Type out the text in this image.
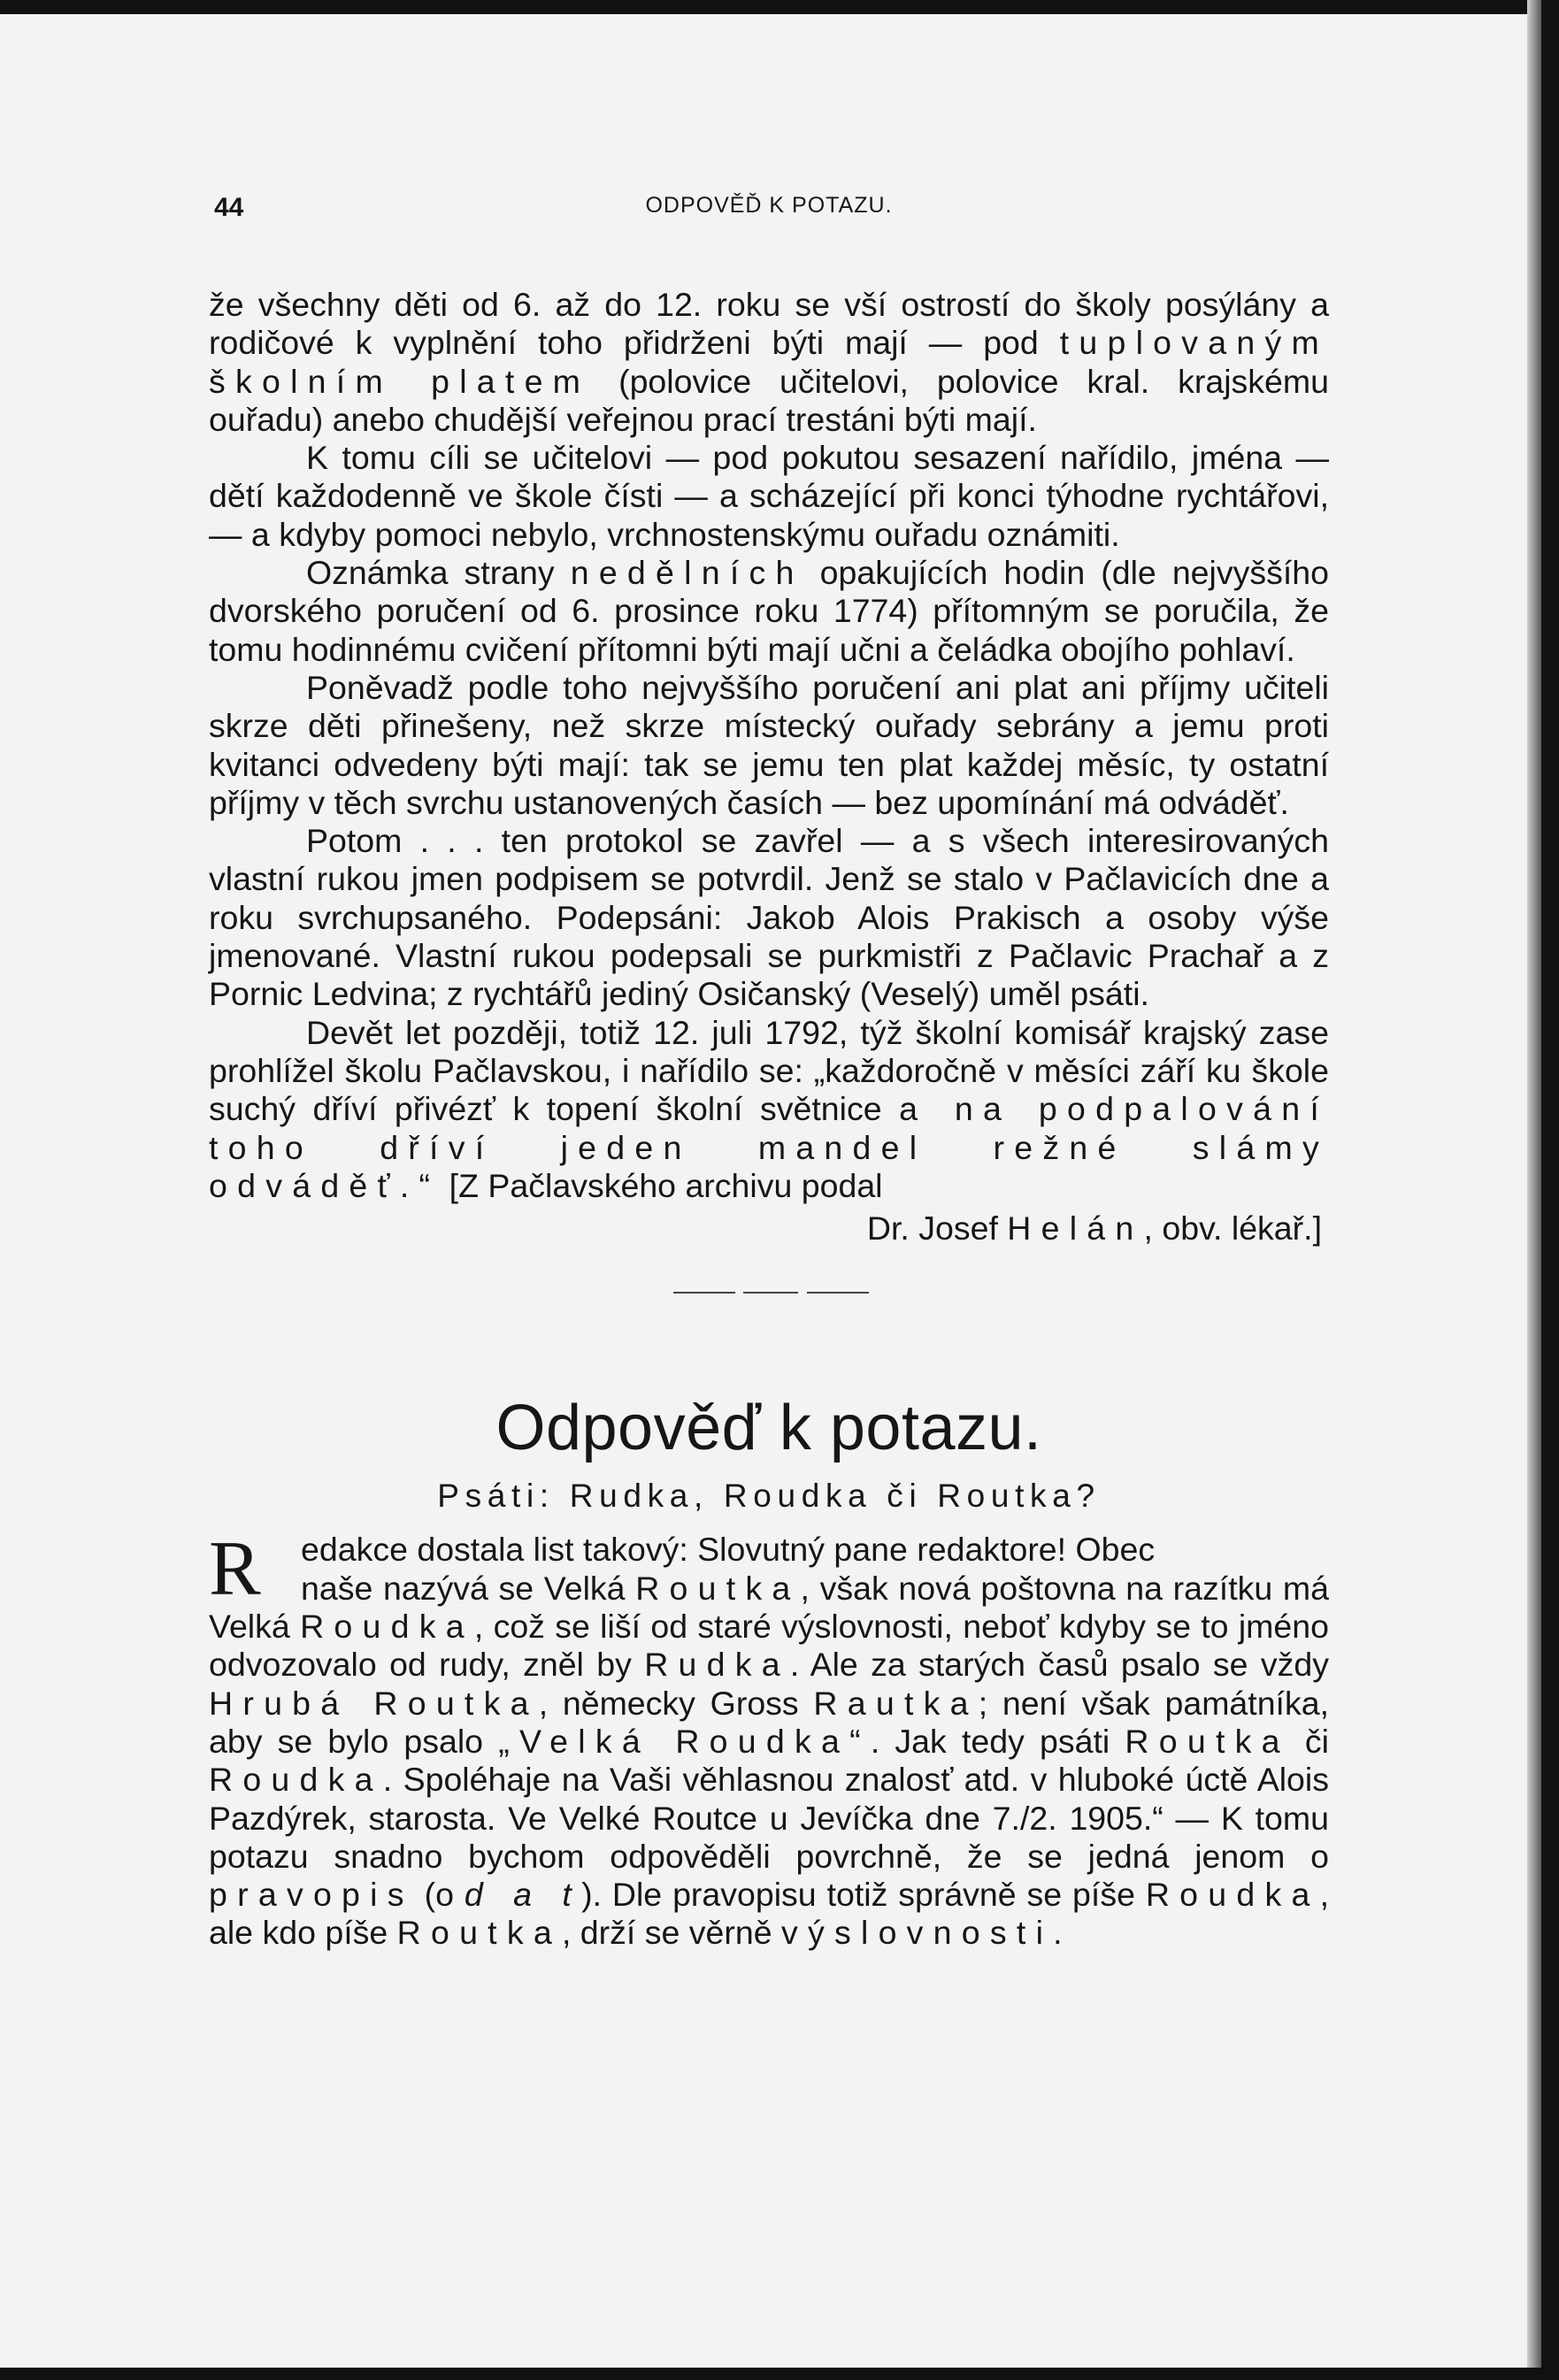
44	ODPOVĚĎ K POTAZU.

že všechny děti od 6. až do 12. roku se vší ostrostí do školy posýlány a rodičové k vyplnění toho přidrženi býti mají — pod tuplovaným školním platem (polovice učitelovi, polovice kral. krajskému ouřadu) anebo chudější veřejnou prací trestáni býti mají.

K tomu cíli se učitelovi — pod pokutou sesazení nařídilo, jména — dětí každodenně ve škole čísti — a scházející při konci týhodne rychtářovi, — a kdyby pomoci nebylo, vrchnostenskýmu ouřadu oznámiti.

Oznámka strany nedělních opakujících hodin (dle nejvyššího dvorského poručení od 6. prosince roku 1774) přítomným se poručila, že tomu hodinnému cvičení přítomni býti mají učni a čeládka obojího pohlaví.

Poněvadž podle toho nejvyššího poručení ani plat ani příjmy učiteli skrze děti přinešeny, než skrze místecký ouřady sebrány a jemu proti kvitanci odvedeny býti mají: tak se jemu ten plat každej měsíc, ty ostatní příjmy v těch svrchu ustanovených časích — bez upomínání má odváděť.

Potom . . . ten protokol se zavřel — a s všech interesirovaných vlastní rukou jmen podpisem se potvrdil. Jenž se stalo v Pačlavicích dne a roku svrchupsaného. Podepsáni: Jakob Alois Prakisch a osoby výše jmenované. Vlastní rukou podepsali se purkmistři z Pačlavic Prachař a z Pornic Ledvina; z rychtářů jediný Osičanský (Veselý) uměl psáti.

Devět let později, totiž 12. juli 1792, týž školní komisář krajský zase prohlížel školu Pačlavskou, i nařídilo se: „každoročně v měsíci září ku škole suchý dříví přivézť k topení školní světnice a na podpalování toho dříví jeden mandel režné slámy odváděť.“ [Z Pačlavského archivu podal

Dr. Josef Helán, obv. lékař.]
Odpověď k potazu.
Psáti: Rudka, Roudka či Routka?
R	edakce dostala list takový: Slovutný pane redaktore! Obec

naše nazývá se Velká Routka, však nová poštovna na razítku má Velká Roudka, což se liší od staré výslovnosti, neboť kdyby se to jméno odvozovalo od rudy, zněl by Rudka. Ale za starých časů psalo se vždy Hrubá Routka, německy Gross Rautka; není však památníka, aby se bylo psalo „Velká Roudka“. Jak tedy psáti Routka či Roudka. Spoléhaje na Vaši věhlasnou znalosť atd. v hluboké úctě Alois Pazdýrek, starosta. Ve Velké Routce u Jevíčka dne 7./2. 1905.“ — K tomu potazu snadno bychom odpověděli povrchně, že se jedná jenom o pravopis (o d a t). Dle pravopisu totiž správně se píše Roudka, ale kdo píše Routka, drží se věrně výslovnosti.
